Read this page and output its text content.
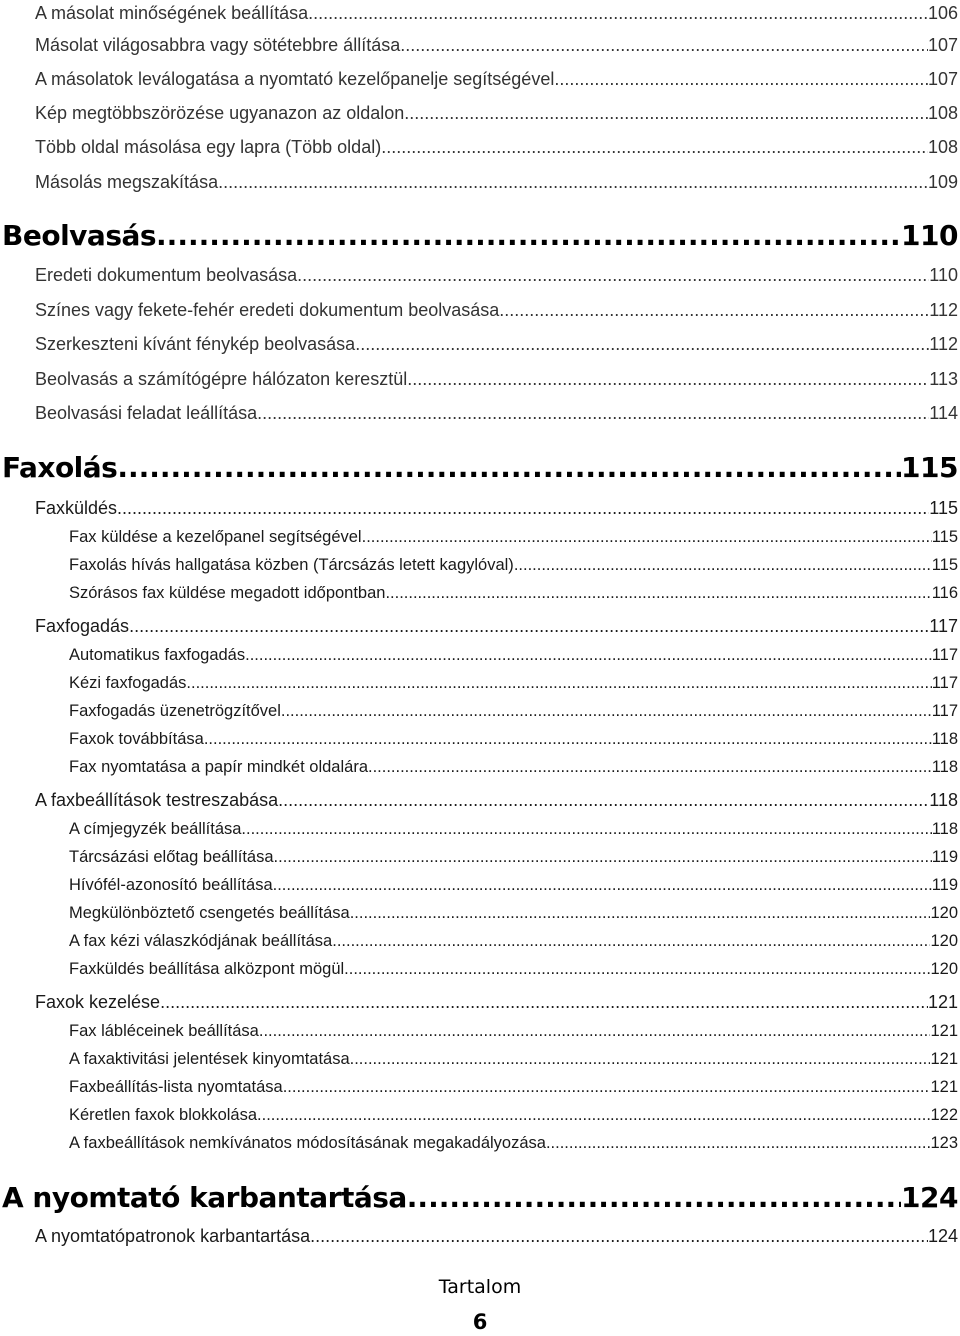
A másolat minőségének beállítása .....	106
Másolat világosabbra vagy sötétebbre állítása .....	107
A másolatok leválogatása a nyomtató kezelőpanelje segítségével .....	107
Kép megtöbbszörözése ugyanazon az oldalon .....	108
Több oldal másolása egy lapra (Több oldal) .....	108
Másolás megszakítása .....	109
Beolvasás .....	110
Eredeti dokumentum beolvasása .....	110
Színes vagy fekete-fehér eredeti dokumentum beolvasása .....	112
Szerkeszteni kívánt fénykép beolvasása .....	112
Beolvasás a számítógépre hálózaton keresztül .....	113
Beolvasási feladat leállítása .....	114
Faxolás .....	115
Faxküldés .....	115
Fax küldése a kezelőpanel segítségével .....	115
Faxolás hívás hallgatása közben (Tárcsázás letett kagylóval) .....	115
Szórásos fax küldése megadott időpontban .....	116
Faxfogadás .....	117
Automatikus faxfogadás .....	117
Kézi faxfogadás .....	117
Faxfogadás üzenetrögzítővel .....	117
Faxok továbbítása .....	118
Fax nyomtatása a papír mindkét oldalára .....	118
A faxbeállítások testreszabása .....	118
A címjegyzék beállítása .....	118
Tárcsázási előtag beállítása .....	119
Hívófél-azonosító beállítása .....	119
Megkülönböztető csengetés beállítása .....	120
A fax kézi válaszkódjának beállítása .....	120
Faxküldés beállítása alközpont mögül .....	120
Faxok kezelése .....	121
Fax lábléceinek beállítása .....	121
A faxaktivitási jelentések kinyomtatása .....	121
Faxbeállítás-lista nyomtatása .....	121
Kéretlen faxok blokkolása .....	122
A faxbeállítások nemkívánatos módosításának megakadályozása .....	123
A nyomtató karbantartása .....	124
A nyomtatópatronok karbantartása .....	124
Tartalom
6
